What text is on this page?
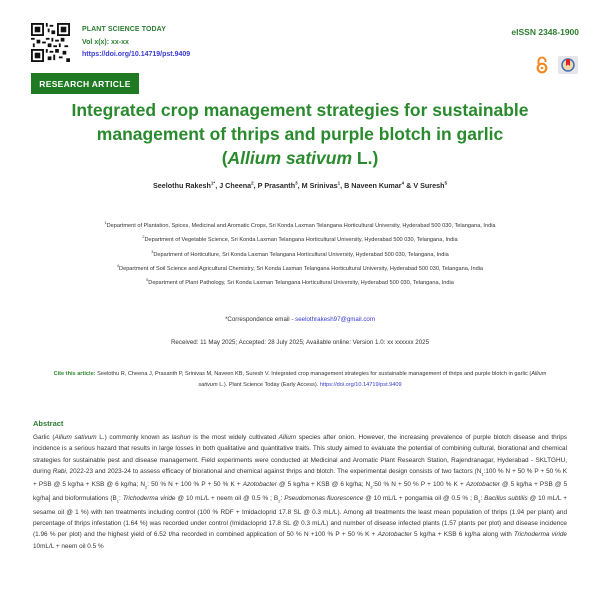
PLANT SCIENCE TODAY
Vol x(x): xx-xx
https://doi.org/10.14719/pst.9409
eISSN 2348-1900
RESEARCH ARTICLE
Integrated crop management strategies for sustainable
management of thrips and purple blotch in garlic
(Allium sativum L.)
Seelothu Rakesh$^{1*}$, J Cheena$^2$, P Prasanth$^3$, M Srinivas$^1$, B Naveen Kumar$^4$ & V Suresh$^5$
$^1$Department of Plantation, Spices, Medicinal and Aromatic Crops, Sri Konda Laxman Telangana Horticultural University, Hyderabad 500 030, Telangana, India
$^2$Department of Vegetable Science, Sri Konda Laxman Telangana Horticultural University, Hyderabad 500 030, Telangana, India
$^3$Department of Horticulture, Sri Konda Laxman Telangana Horticultural University, Hyderabad 500 030, Telangana, India
$^4$Department of Soil Science and Agricultural Chemistry, Sri Konda Laxman Telangana Horticultural University, Hyderabad 500 030, Telangana, India
$^5$Department of Plant Pathology, Sri Konda Laxman Telangana Horticultural University, Hyderabad 500 030, Telangana, India
*Correspondence email - seelothrakesh97@gmail.com
Received: 11 May 2025; Accepted: 28 July 2025; Available online: Version 1.0: xx xxxxxx 2025
Cite this article: Seelothu R, Cheena J, Prasanth P, Srinivas M, Naveen KB, Suresh V. Integrated crop management strategies for sustainable management of thrips and purple blotch in garlic (Allium sativum L.). Plant Science Today (Early Access). https://doi.org/10.14719/pst.9409
Abstract
Garlic (Allium sativum L.) commonly known as lashun is the most widely cultivated Allium species after onion. However, the increasing prevalence of purple blotch disease and thrips incidence is a serious hazard that results in large losses in both qualitative and quantitative traits. This study aimed to evaluate the potential of combining cultural, biorational and chemical strategies for sustainable pest and disease management. Field experiments were conducted at Medicinal and Aromatic Plant Research Station, Rajendranagar, Hyderabad - SKLTGHU, during Rabi, 2022-23 and 2023-24 to assess efficacy of biorational and chemical against thrips and blotch. The experimental design consists of two factors ($N_1:100$ % N + 50 % P + 50 % K + PSB @ 5 kg/ha + KSB @ 6 kg/ha; $N_2$: 50 % N + 100 % P + 50 % K + Azotobacter @ 5 kg/ha + KSB @ 6 kg/ha; $N_3:50$ % N + 50 % P + 100 % K + Azotobacter @ 5 kg/ha + PSB @ 5 kg/ha] and bioformulations ($B_1$: Trichoderma viride @ 10 mL/L + neem oil @ 0.5 % ; $B_2$: Pseudomonas fluorescence @ 10 mL/L + pongamia oil @ 0.5 % ; $B_3$: Bacillus subtilis @ 10 mL/L + sesame oil @ 1 %) with ten treatments including control (100 % RDF + Imidacloprid 17.8 SL @ 0.3 mL/L). Among all treatments the least mean population of thrips (1.94 per plant) and percentage of thrips infestation (1.64 %) was recorded under control (Imidacloprid 17.8 SL @ 0.3 mL/L) and number of disease infected plants (1.57 plants per plot) and disease incidence (1.96 % per plot) and the highest yield of 6.52 t/ha recorded in combined application of 50 % N +100 % P + 50 % K + Azotobacter 5 kg/ha + KSB 6 kg/ha along with Trichoderma viride 10mL/L + neem oil 0.5 %
